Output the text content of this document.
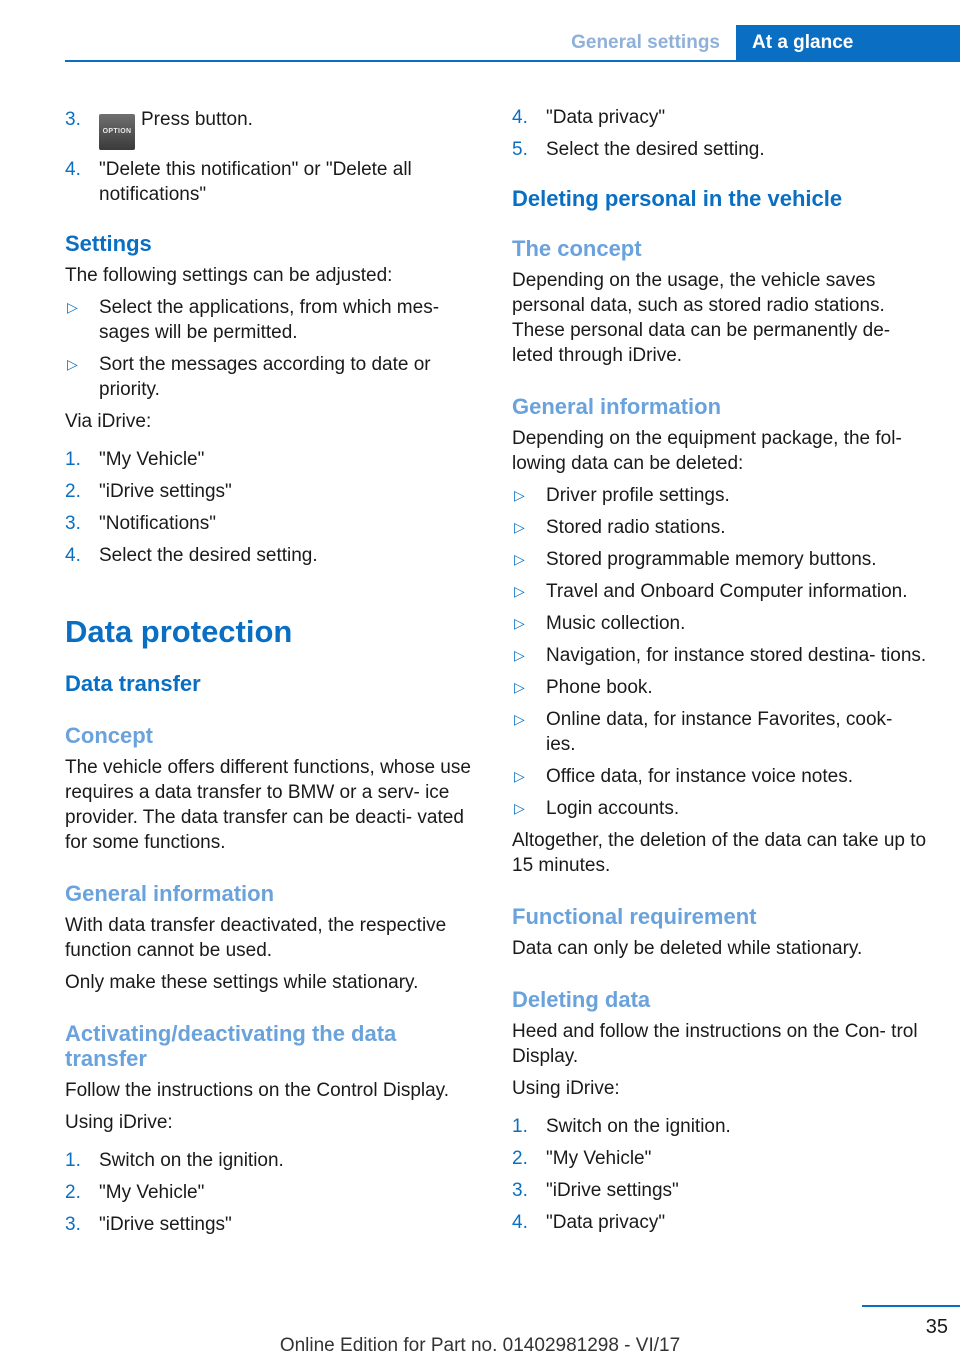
General settings	At a glance
3.
OPTIONPress button.
4. "Delete this notification" or "Delete all notifications"
Settings

The following settings can be adjusted:

▷ Select the applications, from which mes‐ sages will be permitted.
▷ Sort the messages according to date or priority.

Via iDrive:

1. "My Vehicle"
2. "iDrive settings"
3. "Notifications"
4. Select the desired setting.
Data protection
Data transfer
Concept

The vehicle offers different functions, whose use requires a data transfer to BMW or a serv‐ ice provider. The data transfer can be deacti‐ vated for some functions.

General information

With data transfer deactivated, the respective function cannot be used.

Only make these settings while stationary.

Activating/deactivating the data transfer

Follow the instructions on the Control Display.

Using iDrive:

1. Switch on the ignition.
2. "My Vehicle"
3. "iDrive settings"
4. "Data privacy"
5. Select the desired setting.
Deleting personal in the vehicle
The concept

Depending on the usage, the vehicle saves personal data, such as stored radio stations. These personal data can be permanently de‐ leted through iDrive.

General information

Depending on the equipment package, the fol‐ lowing data can be deleted:

▷ Driver profile settings.
▷ Stored radio stations.
▷ Stored programmable memory buttons.
▷ Travel and Onboard Computer information.
▷ Music collection.
▷ Navigation, for instance stored destina‐ tions.
▷ Phone book.
▷ Online data, for instance Favorites, cook‐ ies.
▷ Office data, for instance voice notes.
▷ Login accounts.

Altogether, the deletion of the data can take up to 15 minutes.

Functional requirement

Data can only be deleted while stationary.

Deleting data

Heed and follow the instructions on the Con‐ trol Display.

Using iDrive:

1. Switch on the ignition.
2. "My Vehicle"
3. "iDrive settings"
4. "Data privacy"
35
Online Edition for Part no. 01402981298 - VI/17
